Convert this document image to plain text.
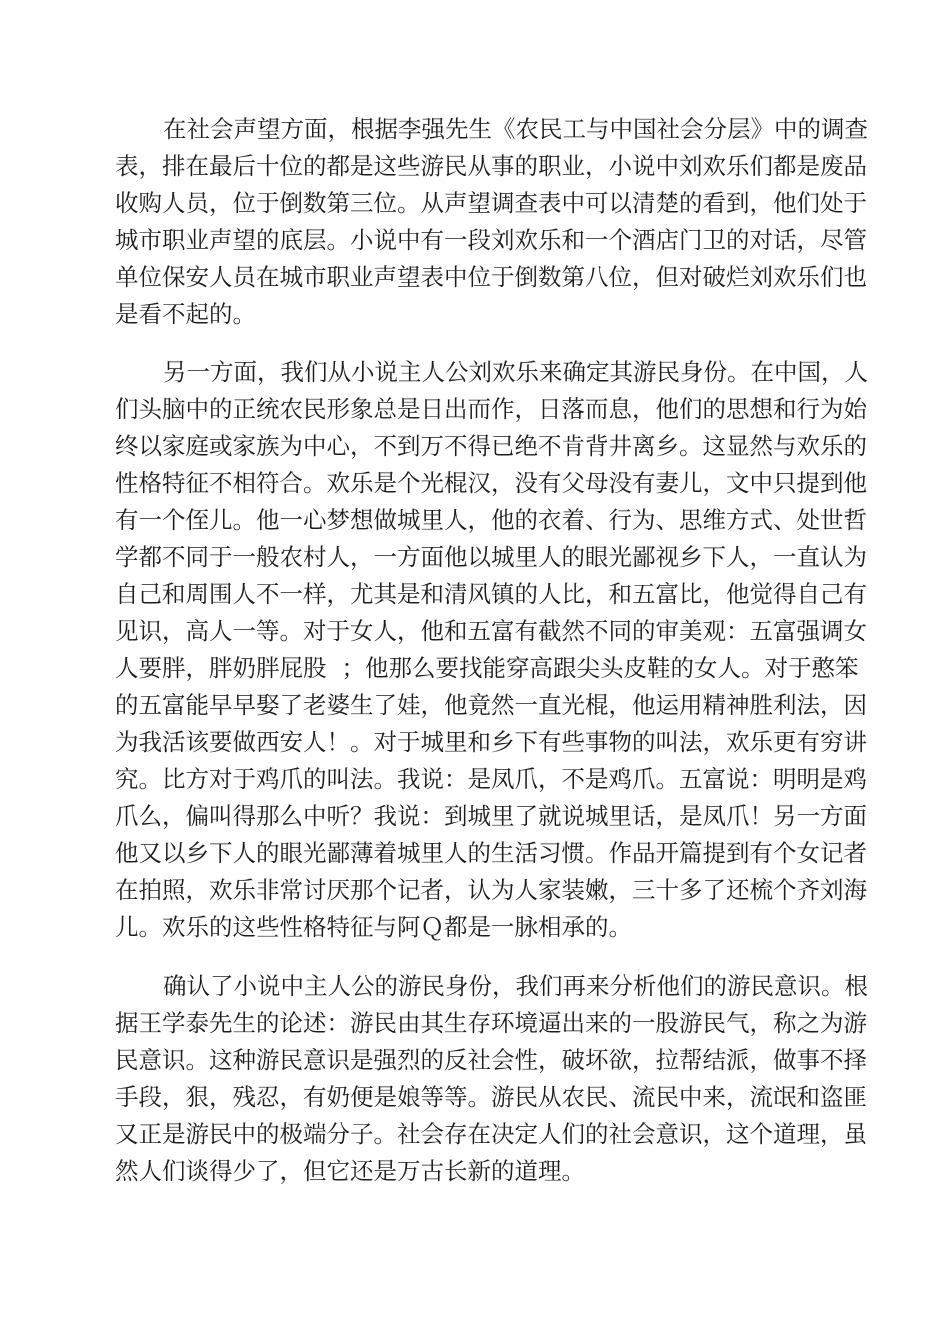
在社会声望方面，根据李强先生《农民工与中国社会分层》中的调查
表，排在最后十位的都是这些游民从事的职业，小说中刘欢乐们都是废品
收购人员，位于倒数第三位。从声望调查表中可以清楚的看到，他们处于
城市职业声望的底层。小说中有一段刘欢乐和一个酒店门卫的对话，尽管
单位保安人员在城市职业声望表中位于倒数第八位，但对破烂刘欢乐们也
是看不起的。
另一方面，我们从小说主人公刘欢乐来确定其游民身份。在中国，人
们头脑中的正统农民形象总是日出而作，日落而息，他们的思想和行为始
终以家庭或家族为中心，不到万不得已绝不肯背井离乡。这显然与欢乐的
性格特征不相符合。欢乐是个光棍汉，没有父母没有妻儿，文中只提到他
有一个侄儿。他一心梦想做城里人，他的衣着、行为、思维方式、处世哲
学都不同于一般农村人，一方面他以城里人的眼光鄙视乡下人，一直认为
自己和周围人不一样，尤其是和清风镇的人比，和五富比，他觉得自己有
见识，高人一等。对于女人，他和五富有截然不同的审美观：五富强调女
人要胖，胖奶胖屁股  ；他那么要找能穿高跟尖头皮鞋的女人。对于憨笨
的五富能早早娶了老婆生了娃，他竟然一直光棍，他运用精神胜利法，因
为我活该要做西安人！。对于城里和乡下有些事物的叫法，欢乐更有穷讲
究。比方对于鸡爪的叫法。我说：是凤爪，不是鸡爪。五富说：明明是鸡
爪么，偏叫得那么中听？我说：到城里了就说城里话，是凤爪！另一方面
他又以乡下人的眼光鄙薄着城里人的生活习惯。作品开篇提到有个女记者
在拍照，欢乐非常讨厌那个记者，认为人家装嫩，三十多了还梳个齐刘海
儿。欢乐的这些性格特征与阿Ｑ都是一脉相承的。
确认了小说中主人公的游民身份，我们再来分析他们的游民意识。根
据王学泰先生的论述：游民由其生存环境逼出来的一股游民气，称之为游
民意识。这种游民意识是强烈的反社会性，破坏欲，拉帮结派，做事不择
手段，狠，残忍，有奶便是娘等等。游民从农民、流民中来，流氓和盗匪
又正是游民中的极端分子。社会存在决定人们的社会意识，这个道理，虽
然人们谈得少了，但它还是万古长新的道理。
